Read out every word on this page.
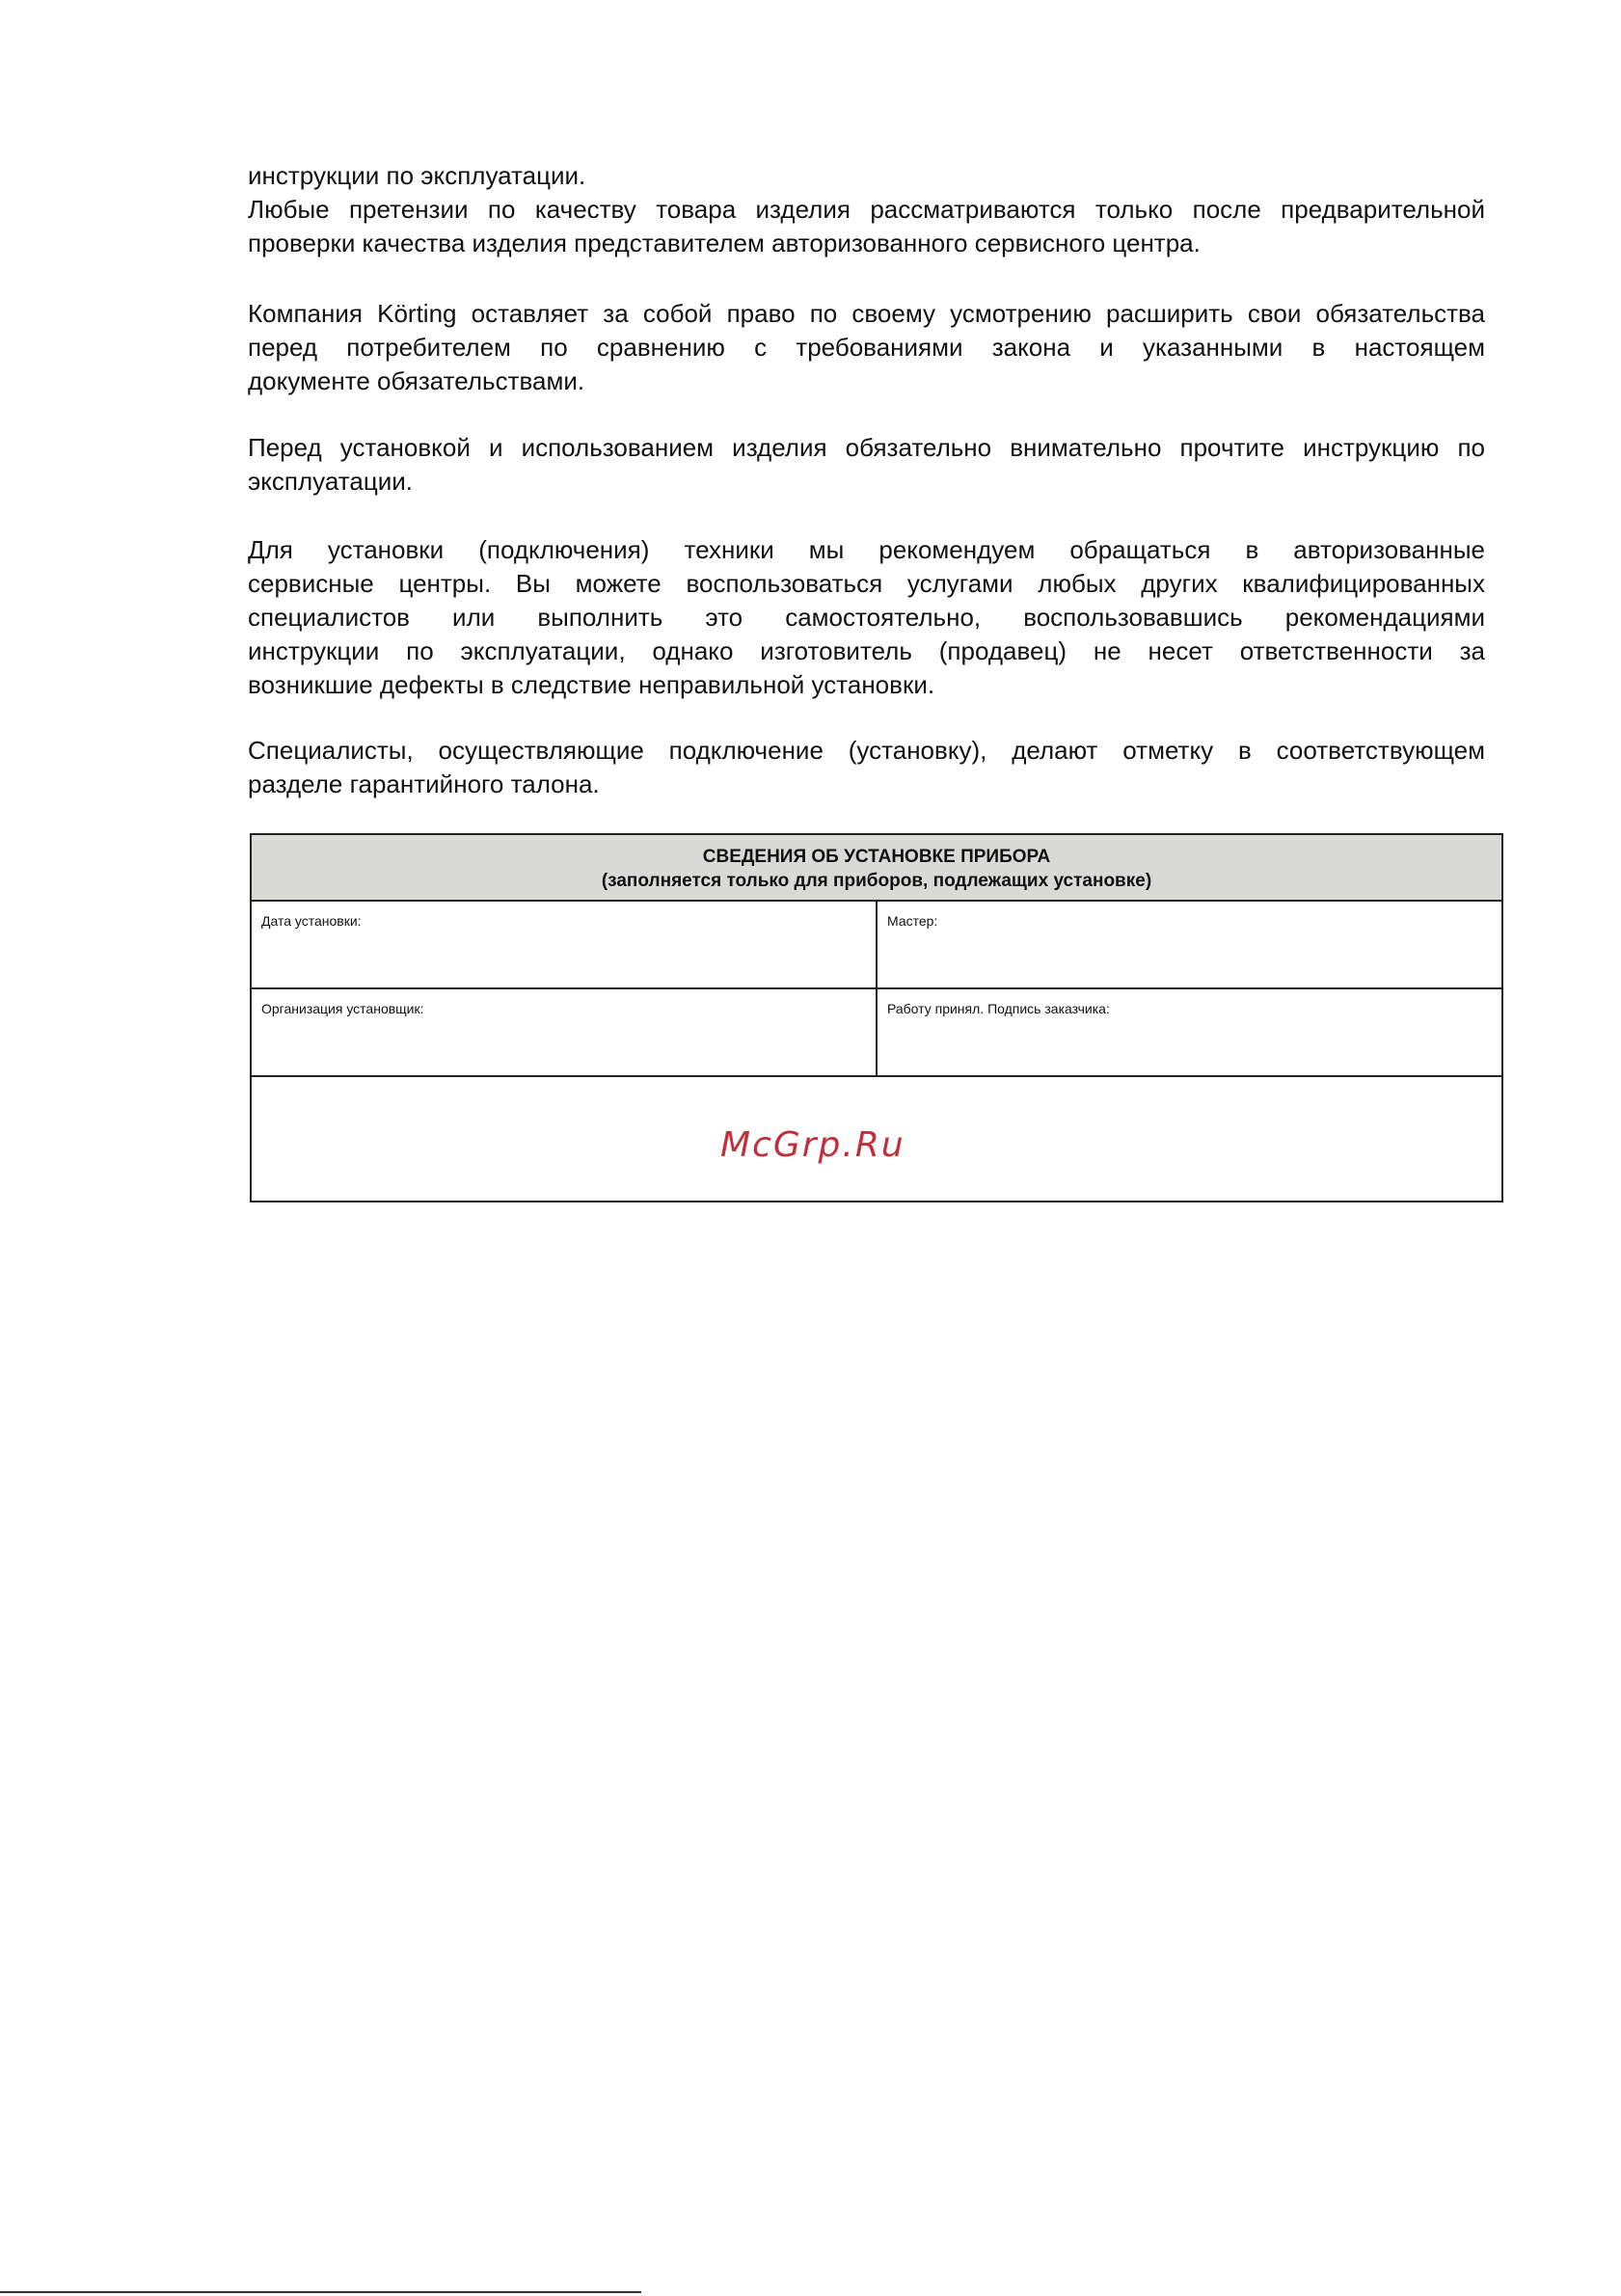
инструкции по эксплуатации.
Любые претензии по качеству товара изделия рассматриваются только после предварительной
проверки качества изделия представителем авторизованного сервисного центра.

Компания Körting оставляет за собой право по своему усмотрению расширить свои обязательства
перед потребителем по сравнению с требованиями закона и указанными в настоящем
документе обязательствами.

Перед установкой и использованием изделия обязательно внимательно прочтите инструкцию по
эксплуатации.

Для установки (подключения) техники мы рекомендуем обращаться в авторизованные
сервисные центры. Вы можете воспользоваться услугами любых других квалифицированных
специалистов или выполнить это самостоятельно, воспользовавшись рекомендациями
инструкции по эксплуатации, однако изготовитель (продавец) не несет ответственности за
возникшие дефекты в следствие неправильной установки.

Специалисты, осуществляющие подключение (установку), делают отметку в соответствующем
разделе гарантийного талона.

СВЕДЕНИЯ ОБ УСТАНОВКЕ ПРИБОРА
(заполняется только для приборов, подлежащих установке)
Дата установки:	Мастер:
Организация установщик:	Работу принял. Подпись заказчика:
McGrp.Ru
